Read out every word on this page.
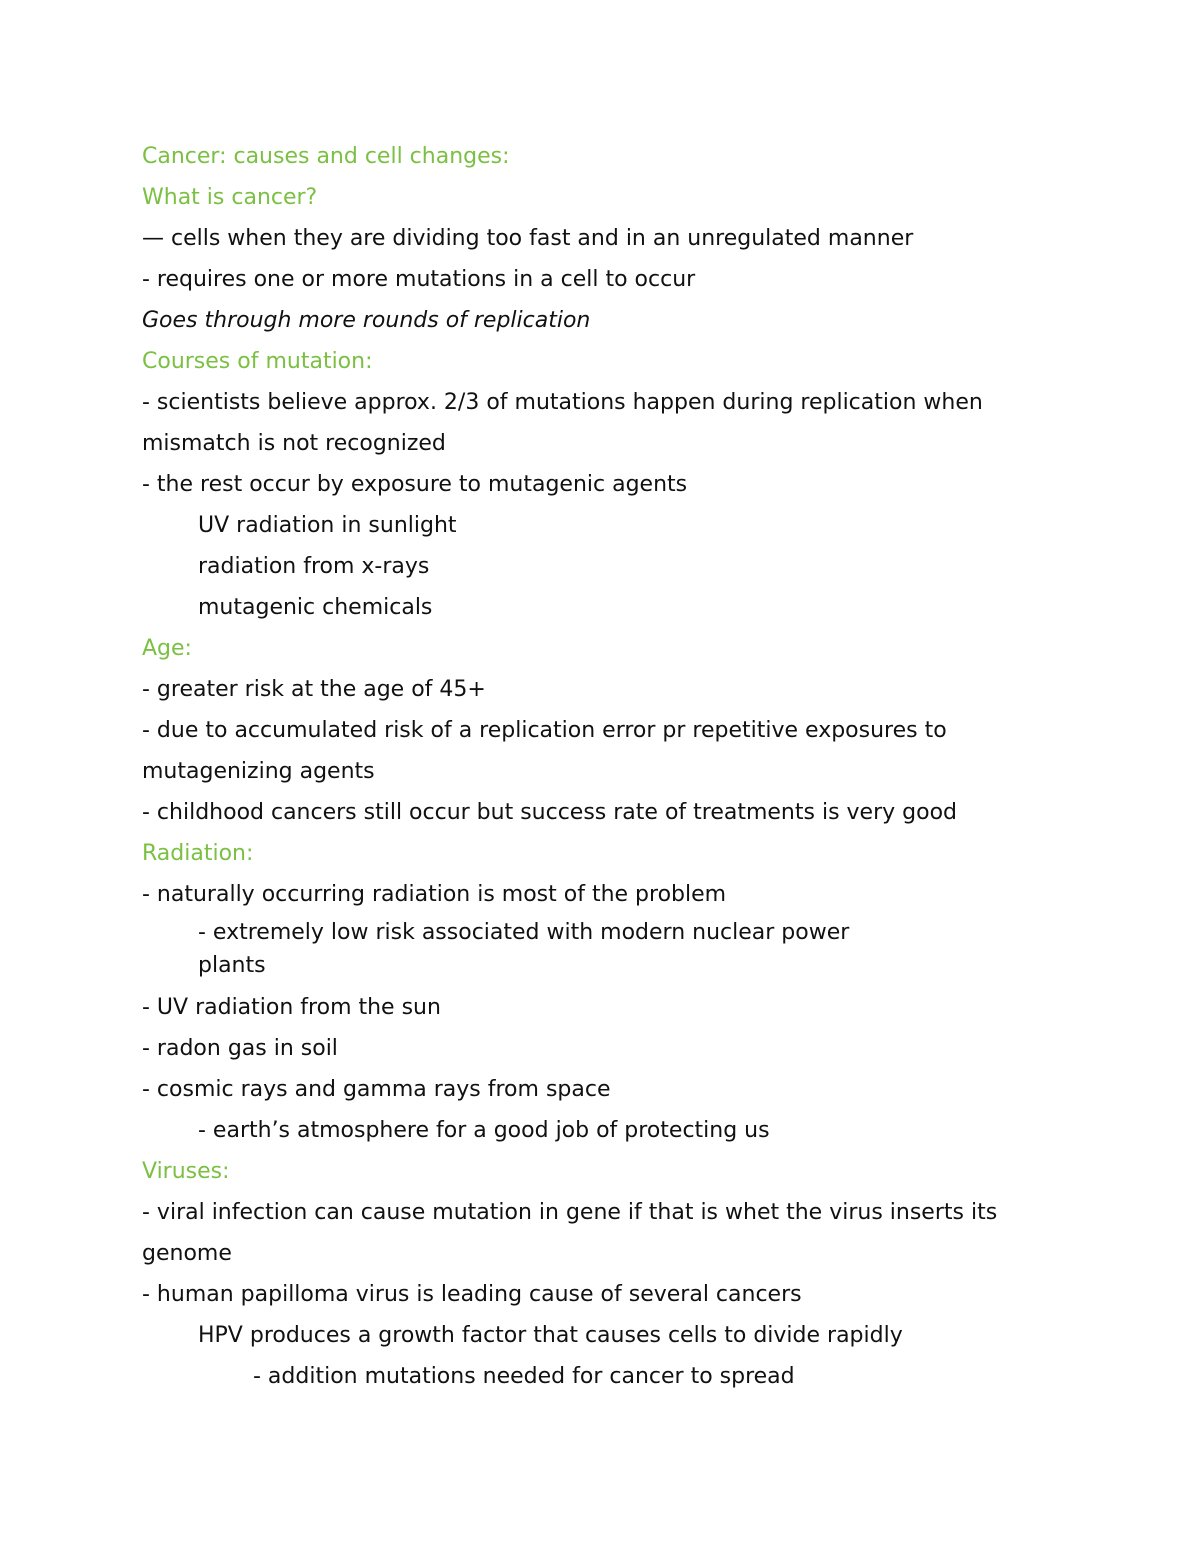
Cancer: causes and cell changes:

What is cancer?

— cells when they are dividing too fast and in an unregulated manner

- requires one or more mutations in a cell to occur

Goes through more rounds of replication

Courses of mutation:

- scientists believe approx. 2/3 of mutations happen during replication when mismatch is not recognized

- the rest occur by exposure to mutagenic agents

UV radiation in sunlight

radiation from x-rays

mutagenic chemicals

Age:

- greater risk at the age of 45+

- due to accumulated risk of a replication error pr repetitive exposures to mutagenizing agents

- childhood cancers still occur but success rate of treatments is very good

Radiation:

- naturally occurring radiation is most of the problem

- extremely low risk associated with modern nuclear power

plants

- UV radiation from the sun

- radon gas in soil

- cosmic rays and gamma rays from space

- earth’s atmosphere for a good job of protecting us

Viruses:

- viral infection can cause mutation in gene if that is whet the virus inserts its genome

- human papilloma virus is leading cause of several cancers

HPV produces a growth factor that causes cells to divide rapidly

- addition mutations needed for cancer to spread
